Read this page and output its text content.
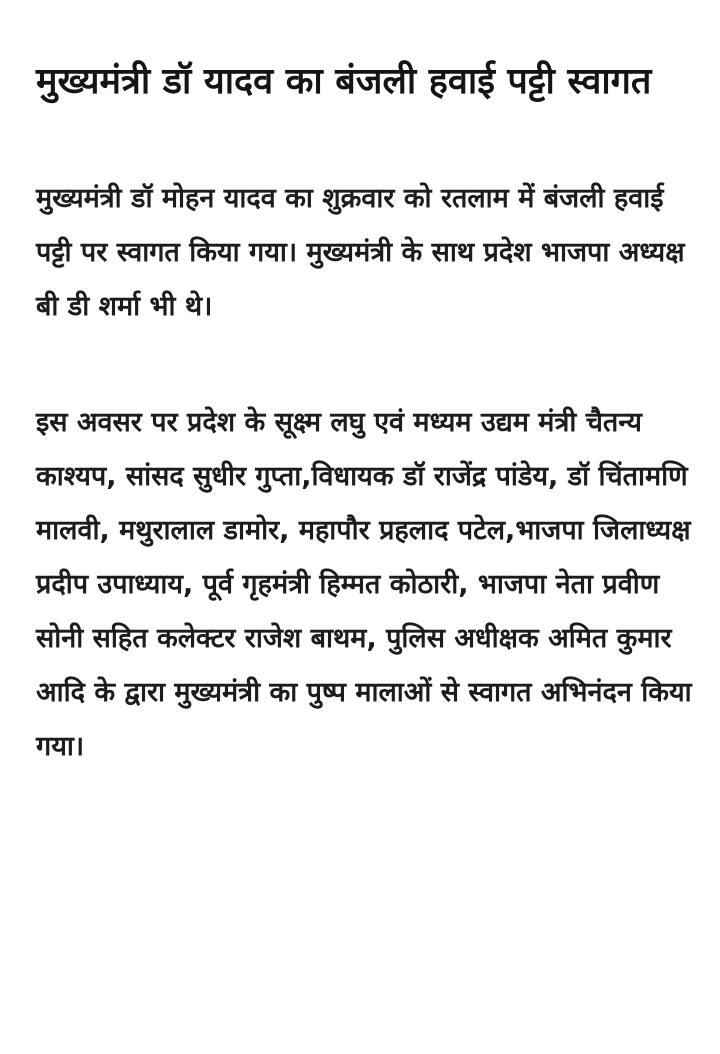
मुख्यमंत्री डॉ यादव का बंजली हवाई पट्टी स्वागत

मुख्यमंत्री डॉ मोहन यादव का शुक्रवार को रतलाम में बंजली हवाई पट्टी पर स्वागत किया गया। मुख्यमंत्री के साथ प्रदेश भाजपा अध्यक्ष बी डी शर्मा भी थे।

इस अवसर पर प्रदेश के सूक्ष्म लघु एवं मध्यम उद्यम मंत्री चैतन्य काश्यप, सांसद सुधीर गुप्ता,विधायक डॉ राजेंद्र पांडेय, डॉ चिंतामणि मालवी, मथुरालाल डामोर, महापौर प्रहलाद पटेल,भाजपा जिलाध्यक्ष प्रदीप उपाध्याय, पूर्व गृहमंत्री हिम्मत कोठारी, भाजपा नेता प्रवीण सोनी सहित कलेक्टर राजेश बाथम, पुलिस अधीक्षक अमित कुमार आदि के द्वारा मुख्यमंत्री का पुष्प मालाओं से स्वागत अभिनंदन किया गया।
